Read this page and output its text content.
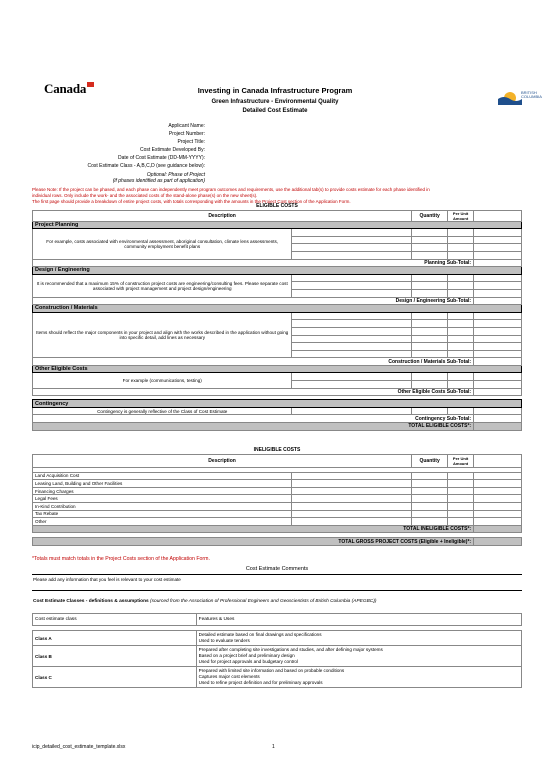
Canada	BRITISH
COLUMBIA
Investing in Canada Infrastructure Program
Green Infrastructure - Environmental Quality
Detailed Cost Estimate
Applicant Name:
Project Number:
Project Title:
Cost Estimate Developed By:
Date of Cost Estimate (DD-MM-YYYY):
Cost Estimate Class - A,B,C,D (see guidance below):
Optional: Phase of Project
(if phases identified as part of application)
Please Note: If the project can be phased, and each phase can independently meet program outcomes and requirements, use the additional tab(s) to provide costs estimate for each phase identified in
individual rows. Only include the work- and the associated costs of the stand-alone phase(s) on the new sheet(s).
The first page should provide a breakdown of entire project costs, with totals corresponding with the amounts in the Project Cost section of the Application Form.
ELIGIBLE COSTS				
Description		Quantity	Per Unit Amount	
Project Planning				
For example, costs associated with environmental assessment, aboriginal consultation, climate lens assessments, community employment benefit plans				

Planning Sub-Total:				
Design / Engineering				
It is recommended that a maximum 15% of construction project costs are engineering/consulting fees. Please separate cost associated with project management and project design/engineering				

Design / Engineering Sub-Total:				
Construction / Materials				
Items should reflect the major components in your project and align with the works described in the application without going into specific detail, add lines as necessary				

Construction / Materials Sub-Total:				
Other Eligible Costs				
For example (communications, testing)				

Other Eligible Costs Sub-Total:				

Contingency				
Contingency is generally reflective of the Class of Cost Estimate				
Contingency Sub-Total:				
TOTAL ELIGIBLE COSTS*:				
INELIGIBLE COSTS				
Description		Quantity	Per Unit Amount	

Land Acquisition Cost				
Leasing Land, Building and Other Facilities				
Financing Charges				
Legal Fees				
In-Kind Contribution				
Tax Rebate				
Other				
TOTAL INELIGIBLE COSTS*:				

TOTAL GROSS PROJECT COSTS (Eligible + Ineligible)*:				
*Totals must match totals in the Project Costs section of the Application Form.
Cost Estimate Comments
Please add any information that you feel is relevant to your cost estimate
Cost Estimate Classes - definitions & assumptions (sourced from the Association of Professional Engineers and Geoscientists of British Columbia (APEGBC))
Cost estimate class	Features & Uses

Class A	Detailed estimate based on final drawings and specifications
Used to evaluate tenders

Class B	Prepared after completing site investigations and studies, and after defining major systems
Based on a project brief and preliminary design
Used for project approvals and budgetary control

Class C	Prepared with limited site information and based on probable conditions
Captures major cost elements
Used to refine project definition and for preliminary approvals
icip_detailed_cost_estimate_template.xlsx	1
